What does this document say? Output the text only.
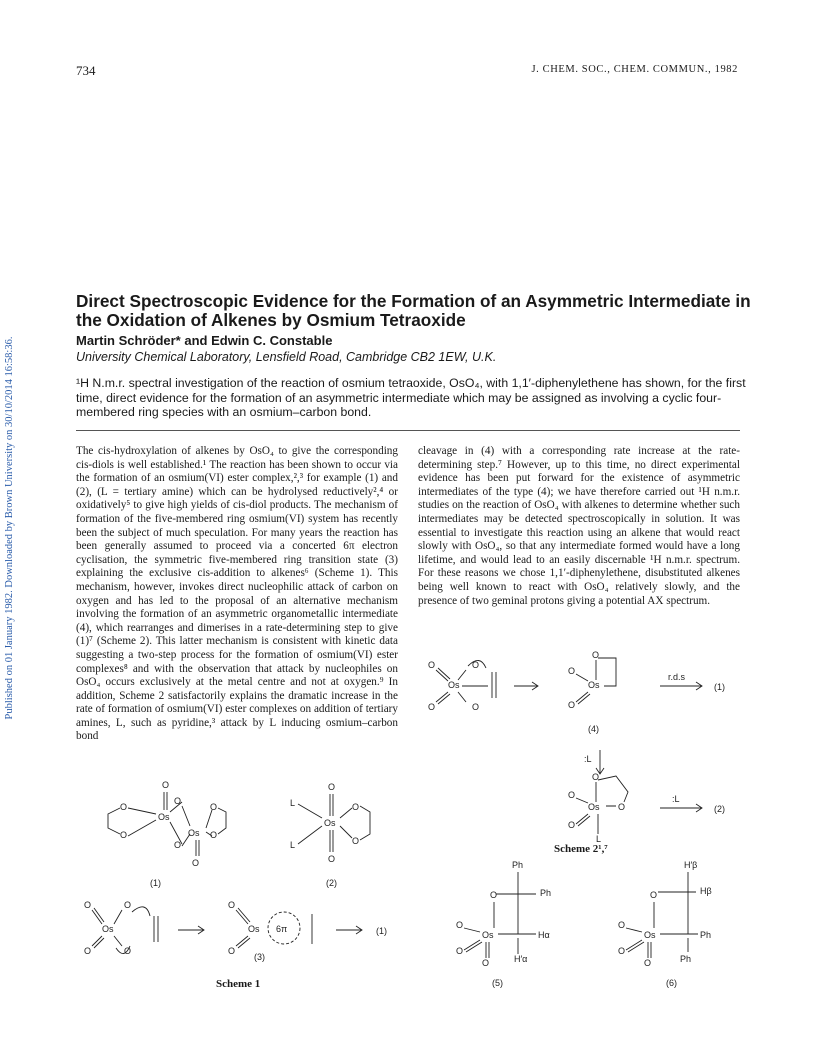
Published on 01 January 1982. Downloaded by Brown University on 30/10/2014 16:58:36.
734	J. CHEM. SOC., CHEM. COMMUN., 1982
Direct Spectroscopic Evidence for the Formation of an Asymmetric Intermediate in the Oxidation of Alkenes by Osmium Tetraoxide
Martin Schröder* and Edwin C. Constable
University Chemical Laboratory, Lensfield Road, Cambridge CB2 1EW, U.K.
¹H N.m.r. spectral investigation of the reaction of osmium tetraoxide, OsO₄, with 1,1′-diphenylethene has shown, for the first time, direct evidence for the formation of an asymmetric intermediate which may be assigned as involving a cyclic four-membered ring species with an osmium–carbon bond.

The cis-hydroxylation of alkenes by OsO₄ to give the corresponding cis-diols is well established.¹ The reaction has been shown to occur via the formation of an osmium(VI) ester complex,²,³ for example (1) and (2), (L = tertiary amine) which can be hydrolysed reductively²,⁴ or oxidatively⁵ to give high yields of cis-diol products. The mechanism of formation of the five-membered ring osmium(VI) system has recently been the subject of much speculation. For many years the reaction has been generally assumed to proceed via a concerted 6π electron cyclisation, the symmetric five-membered ring transition state (3) explaining the exclusive cis-addition to alkenes⁶ (Scheme 1). This mechanism, however, invokes direct nucleophilic attack of carbon on oxygen and has led to the proposal of an alternative mechanism involving the formation of an asymmetric organometallic intermediate (4), which rearranges and dimerises in a rate-determining step to give (1)⁷ (Scheme 2). This latter mechanism is consistent with kinetic data suggesting a two-step process for the formation of osmium(VI) ester complexes⁸ and with the observation that attack by nucleophiles on OsO₄ occurs exclusively at the metal centre and not at oxygen.⁹ In addition, Scheme 2 satisfactorily explains the dramatic increase in the rate of formation of osmium(VI) ester complexes on addition of tertiary amines, L, such as pyridine,³ attack by L inducing osmium–carbon bond

cleavage in (4) with a corresponding rate increase at the rate-determining step.⁷ However, up to this time, no direct experimental evidence has been put forward for the existence of asymmetric intermediates of the type (4); we have therefore carried out ¹H n.m.r. studies on the reaction of OsO₄ with alkenes to determine whether such intermediates may be detected spectroscopically in solution. It was essential to investigate this reaction using an alkene that would react slowly with OsO₄, so that any intermediate formed would have a long lifetime, and would lead to an easily discernable ¹H n.m.r. spectrum. For these reasons we chose 1,1′-diphenylethene, disubstituted alkenes being well known to react with OsO₄ relatively slowly, and the presence of two geminal protons giving a potential AX spectrum.

Os
O	O
O	O
Os
O
O
O
(4)
r.d.s
(1)
:L
Os
O
O
O
O
L
:L
(2)
Scheme 2¹,⁷
Os
Os
O
O
O
O
O
O
O
O
(1)
Os
L
L
O
O
O
O
(2)
Os
O	O
O	O
Os
O
O
6π
(3)
(1)
Scheme 1
Ph
Ph
O
Os
O
O
O
Hα
H′α
(5)
H′β
Hβ
O
Os
O
O
O
Ph
Ph
(6)
